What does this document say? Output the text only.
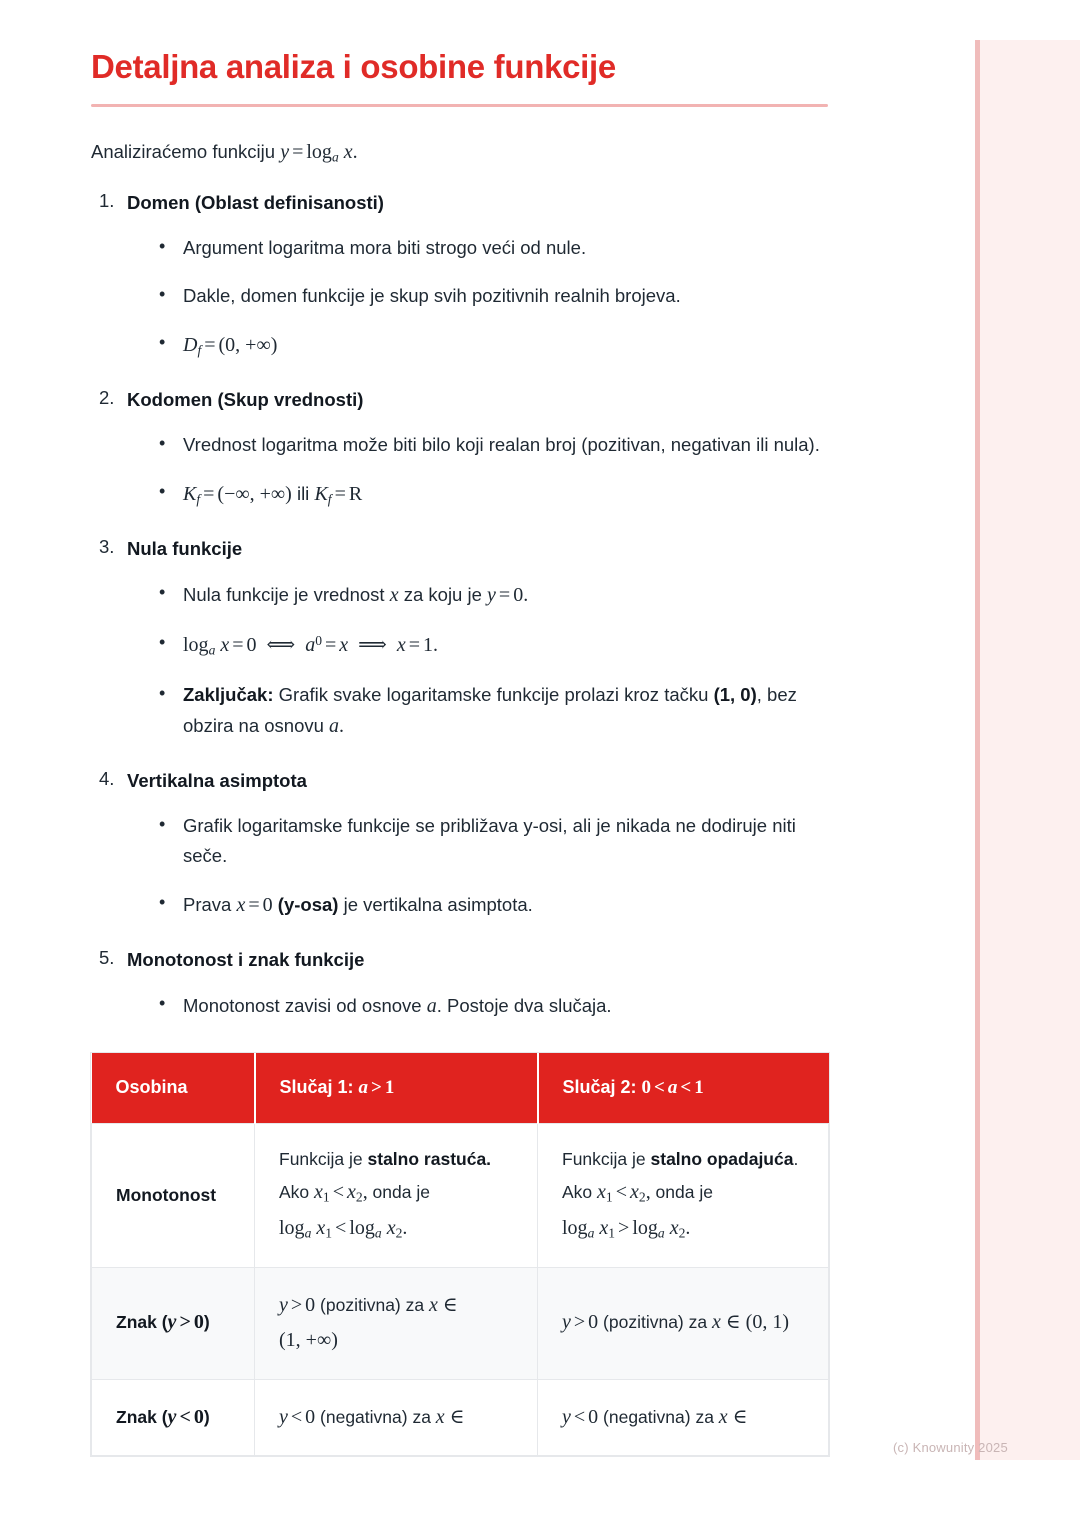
Detaljna analiza i osobine funkcije

Analiziraćemo funkciju $y = \log_a x$.

Domen (Oblast definisanosti)
• Argument logaritma mora biti strogo veći od nule.
• Dakle, domen funkcije je skup svih pozitivnih realnih brojeva.
• $D_f = (0$, +∞)
Kodomen (Skup vrednosti)
• Vrednost logaritma može biti bilo koji realan broj (pozitivan, negativan ili nula).
• $K_f$ = (−∞, +∞) ili $K_f = R$
Nula funkcije
• Nula funkcije je vrednost x za koju je y = 0.
• $\log_a x = 0$  ⟺  $a^0 = x$  ⟹  x = 1.
• Zaključak: Grafik svake logaritamske funkcije prolazi kroz tačku (1, 0), bez obzira na osnovu a.
Vertikalna asimptota
• Grafik logaritamske funkcije se približava y-osi, ali je nikada ne dodiruje niti seče.
• Prava x = 0 (y-osa) je vertikalna asimptota.
Monotonost i znak funkcije
• Monotonost zavisi od osnove a. Postoje dva slučaja.
Osobina	Slučaj 1: a > 1	Slučaj 2: 0 < a < 1
Monotonost	Funkcija je stalno rastuća. Ako $x_1 < x_2$, onda je $\log_a x_1 < \log_a x_2$.	Funkcija je stalno opadajuća. Ako $x_1 < x_2$, onda je $\log_a x_1 > \log_a x_2$.
Znak (y > 0)	y > 0 (pozitivna) za x ∈ (1, +∞)	y > 0 (pozitivna) za x ∈ (0, 1)
Znak (y < 0)	y < 0 (negativna) za x ∈	y < 0 (negativna) za x ∈
(c) Knowunity 2025
